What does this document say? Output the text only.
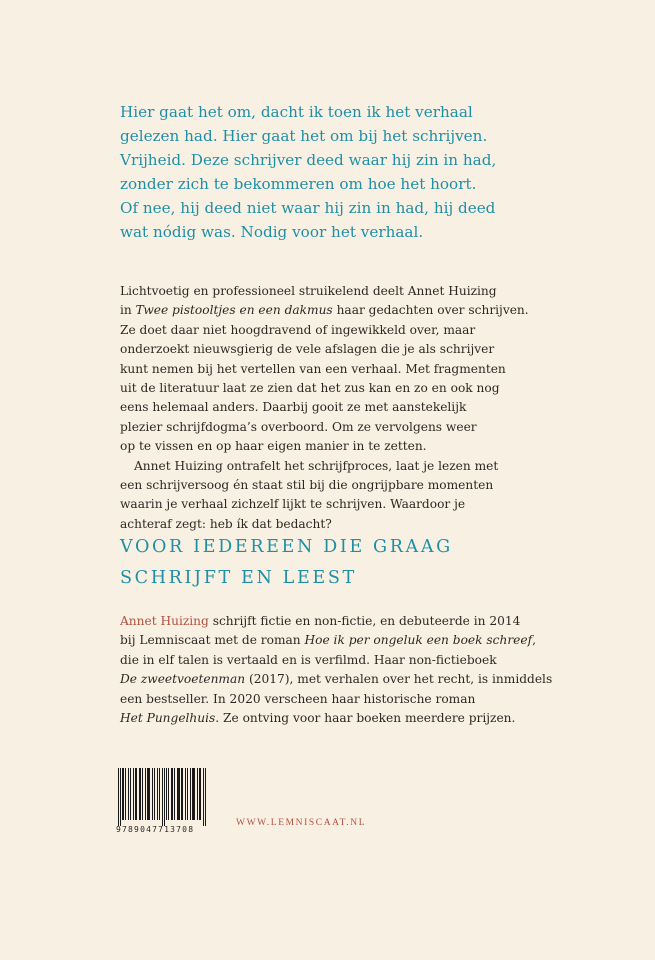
Hier gaat het om, dacht ik toen ik het verhaal
gelezen had. Hier gaat het om bij het schrijven.
Vrijheid. Deze schrijver deed waar hij zin in had,
zonder zich te bekommeren om hoe het hoort.
Of nee, hij deed niet waar hij zin in had, hij deed
wat nódig was. Nodig voor het verhaal.
Lichtvoetig en professioneel struikelend deelt Annet Huizing
in Twee pistooltjes en een dakmus haar gedachten over schrijven.
Ze doet daar niet hoogdravend of ingewikkeld over, maar
onderzoekt nieuwsgierig de vele afslagen die je als schrijver
kunt nemen bij het vertellen van een verhaal. Met fragmenten
uit de literatuur laat ze zien dat het zus kan en zo en ook nog
eens helemaal anders. Daarbij gooit ze met aanstekelijk
plezier schrijfdogma’s overboord. Om ze vervolgens weer
op te vissen en op haar eigen manier in te zetten.
Annet Huizing ontrafelt het schrijfproces, laat je lezen met
een schrijversoog én staat stil bij die ongrijpbare momenten
waarin je verhaal zichzelf lijkt te schrijven. Waardoor je
achteraf zegt: heb ík dat bedacht?
VOOR IEDEREEN DIE GRAAG
SCHRIJFT EN LEEST
Annet Huizing schrijft fictie en non-fictie, en debuteerde in 2014
bij Lemniscaat met de roman Hoe ik per ongeluk een boek schreef,
die in elf talen is vertaald en is verfilmd. Haar non-fictieboek
De zweetvoetenman (2017), met verhalen over het recht, is inmiddels
een bestseller. In 2020 verscheen haar historische roman
Het Pungelhuis. Ze ontving voor haar boeken meerdere prijzen.
9789047713708
WWW.LEMNISCAAT.NL
